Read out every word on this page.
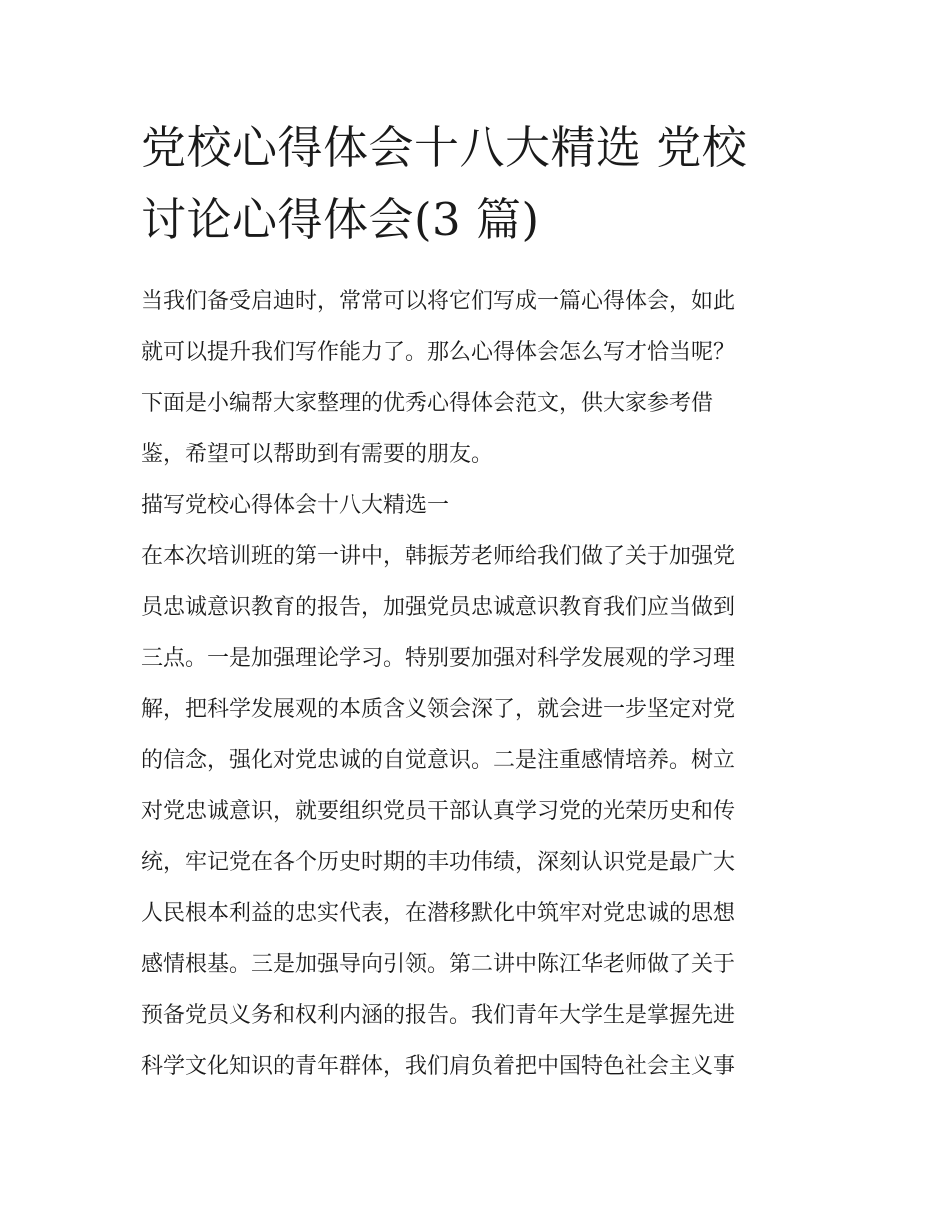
党校心得体会十八大精选 党校

讨论心得体会(3 篇)

当我们备受启迪时，常常可以将它们写成一篇心得体会，如此

就可以提升我们写作能力了。那么心得体会怎么写才恰当呢？

下面是小编帮大家整理的优秀心得体会范文，供大家参考借

鉴，希望可以帮助到有需要的朋友。

描写党校心得体会十八大精选一

在本次培训班的第一讲中，韩振芳老师给我们做了关于加强党

员忠诚意识教育的报告，加强党员忠诚意识教育我们应当做到

三点。一是加强理论学习。特别要加强对科学发展观的学习理

解，把科学发展观的本质含义领会深了，就会进一步坚定对党

的信念，强化对党忠诚的自觉意识。二是注重感情培养。树立

对党忠诚意识，就要组织党员干部认真学习党的光荣历史和传

统，牢记党在各个历史时期的丰功伟绩，深刻认识党是最广大

人民根本利益的忠实代表，在潜移默化中筑牢对党忠诚的思想

感情根基。三是加强导向引领。第二讲中陈江华老师做了关于

预备党员义务和权利内涵的报告。我们青年大学生是掌握先进

科学文化知识的青年群体，我们肩负着把中国特色社会主义事
